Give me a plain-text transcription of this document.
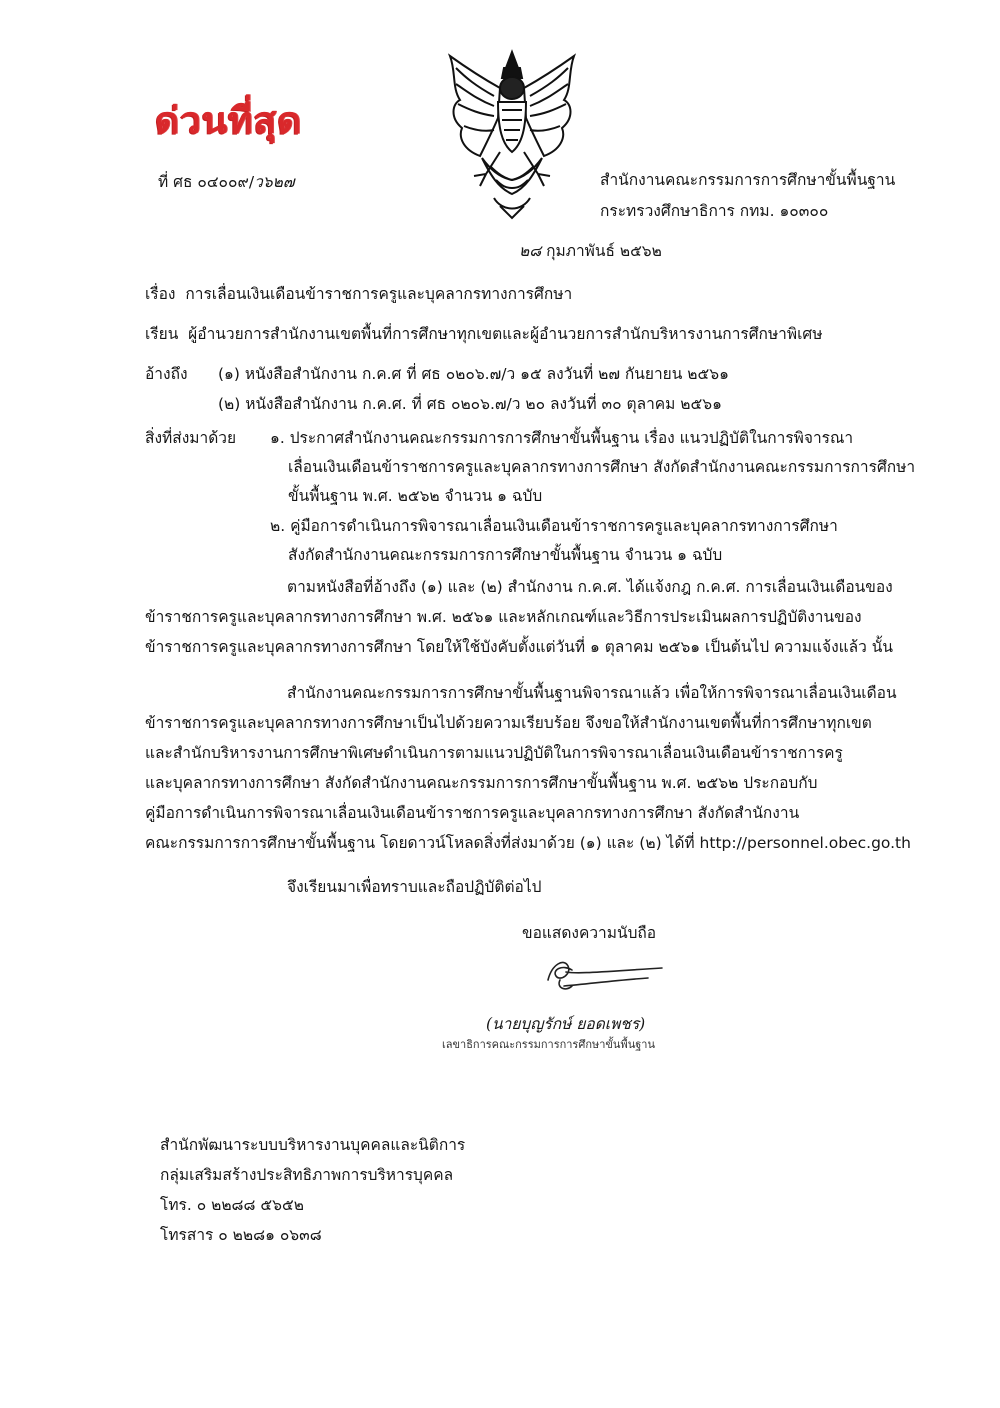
ด่วนที่สุด
ที่ ศธ ๐๔๐๐๙/ว๖๒๗	สำนักงานคณะกรรมการการศึกษาขั้นพื้นฐาน
กระทรวงศึกษาธิการ กทม. ๑๐๓๐๐
๒๘ กุมภาพันธ์ ๒๕๖๒
เรื่อง การเลื่อนเงินเดือนข้าราชการครูและบุคลากรทางการศึกษา
เรียน ผู้อำนวยการสำนักงานเขตพื้นที่การศึกษาทุกเขตและผู้อำนวยการสำนักบริหารงานการศึกษาพิเศษ
อ้างถึง (๑) หนังสือสำนักงาน ก.ค.ศ ที่ ศธ ๐๒๐๖.๗/ว ๑๕ ลงวันที่ ๒๗ กันยายน ๒๕๖๑
(๒) หนังสือสำนักงาน ก.ค.ศ. ที่ ศธ ๐๒๐๖.๗/ว ๒๐ ลงวันที่ ๓๐ ตุลาคม ๒๕๖๑
สิ่งที่ส่งมาด้วย ๑. ประกาศสำนักงานคณะกรรมการการศึกษาขั้นพื้นฐาน เรื่อง แนวปฏิบัติในการพิจารณา
เลื่อนเงินเดือนข้าราชการครูและบุคลากรทางการศึกษา สังกัดสำนักงานคณะกรรมการการศึกษา
ขั้นพื้นฐาน พ.ศ. ๒๕๖๒ จำนวน ๑ ฉบับ
๒. คู่มือการดำเนินการพิจารณาเลื่อนเงินเดือนข้าราชการครูและบุคลากรทางการศึกษา
สังกัดสำนักงานคณะกรรมการการศึกษาขั้นพื้นฐาน จำนวน ๑ ฉบับ
ตามหนังสือที่อ้างถึง (๑) และ (๒) สำนักงาน ก.ค.ศ. ได้แจ้งกฎ ก.ค.ศ. การเลื่อนเงินเดือนของ
ข้าราชการครูและบุคลากรทางการศึกษา พ.ศ. ๒๕๖๑ และหลักเกณฑ์และวิธีการประเมินผลการปฏิบัติงานของ
ข้าราชการครูและบุคลากรทางการศึกษา โดยให้ใช้บังคับตั้งแต่วันที่ ๑ ตุลาคม ๒๕๖๑ เป็นต้นไป ความแจ้งแล้ว นั้น
สำนักงานคณะกรรมการการศึกษาขั้นพื้นฐานพิจารณาแล้ว เพื่อให้การพิจารณาเลื่อนเงินเดือน
ข้าราชการครูและบุคลากรทางการศึกษาเป็นไปด้วยความเรียบร้อย จึงขอให้สำนักงานเขตพื้นที่การศึกษาทุกเขต
และสำนักบริหารงานการศึกษาพิเศษดำเนินการตามแนวปฏิบัติในการพิจารณาเลื่อนเงินเดือนข้าราชการครู
และบุคลากรทางการศึกษา สังกัดสำนักงานคณะกรรมการการศึกษาขั้นพื้นฐาน พ.ศ. ๒๕๖๒ ประกอบกับ
คู่มือการดำเนินการพิจารณาเลื่อนเงินเดือนข้าราชการครูและบุคลากรทางการศึกษา สังกัดสำนักงาน
คณะกรรมการการศึกษาขั้นพื้นฐาน โดยดาวน์โหลดสิ่งที่ส่งมาด้วย (๑) และ (๒) ได้ที่ http://personnel.obec.go.th
จึงเรียนมาเพื่อทราบและถือปฏิบัติต่อไป
ขอแสดงความนับถือ
(นายบุญรักษ์ ยอดเพชร)
เลขาธิการคณะกรรมการการศึกษาขั้นพื้นฐาน
สำนักพัฒนาระบบบริหารงานบุคคลและนิติการ
กลุ่มเสริมสร้างประสิทธิภาพการบริหารบุคคล
โทร. ๐ ๒๒๘๘ ๕๖๕๒
โทรสาร ๐ ๒๒๘๑ ๐๖๓๘
